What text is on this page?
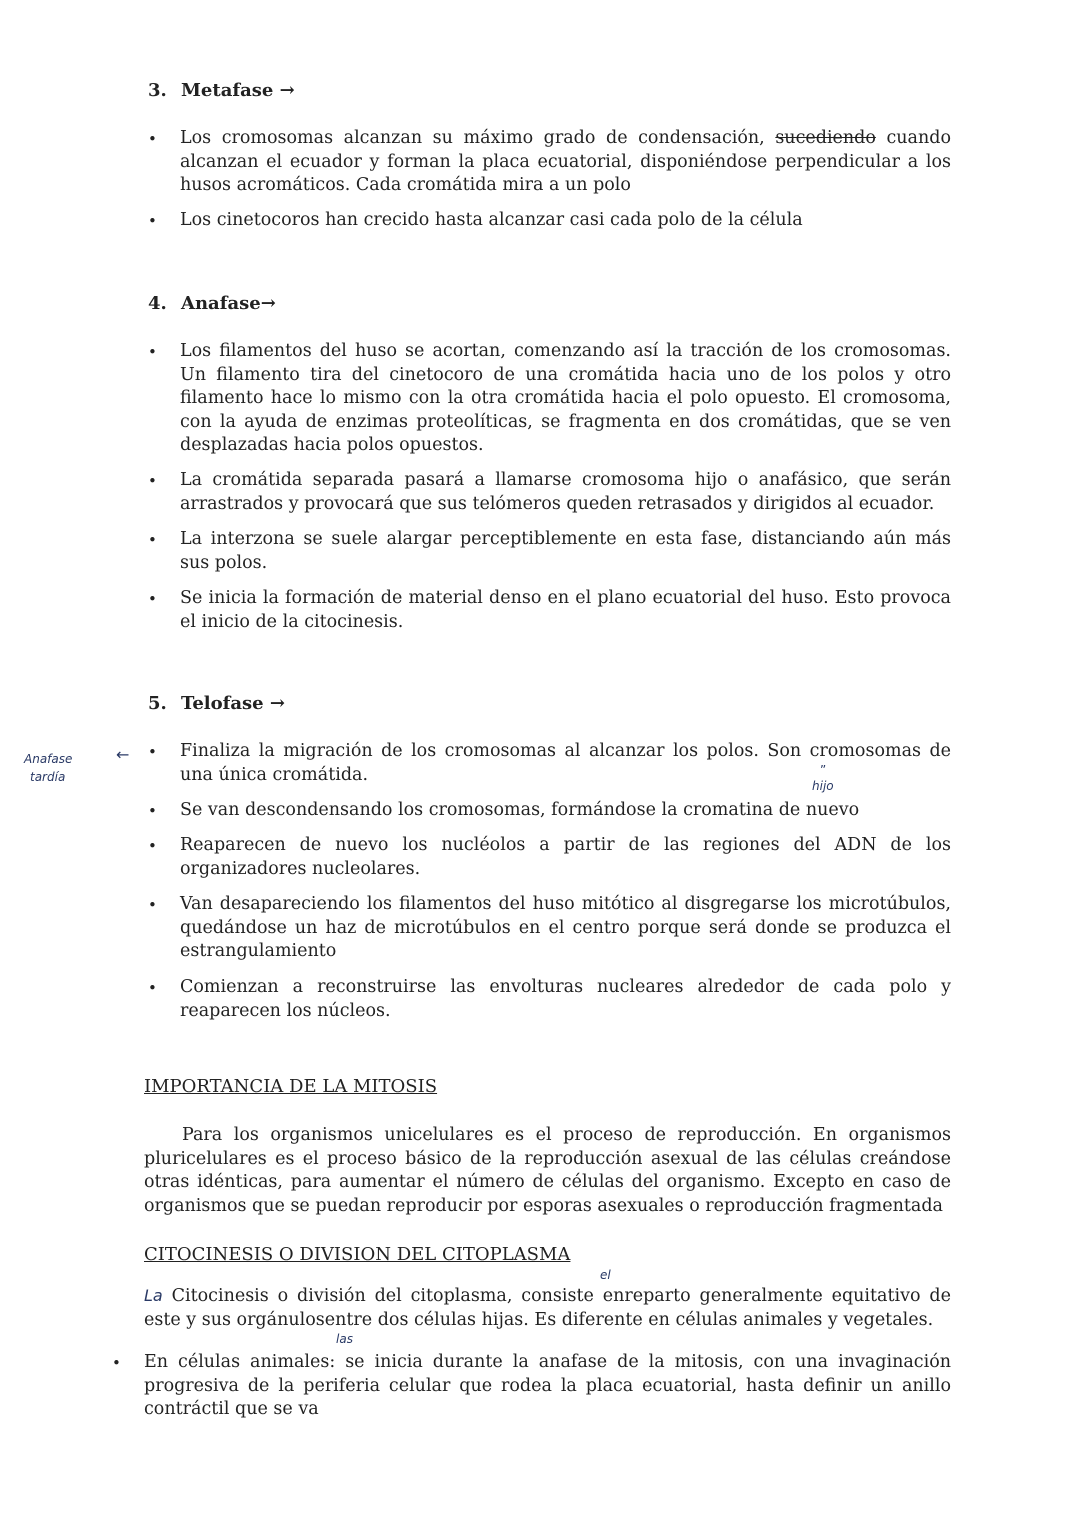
3. Metafase →
• Los cromosomas alcanzan su máximo grado de condensación, sucediendo cuando alcanzan el ecuador y forman la placa ecuatorial, disponiéndose perpendicular a los husos acromáticos. Cada cromátida mira a un polo
• Los cinetocoros han crecido hasta alcanzar casi cada polo de la célula
4. Anafase→
• Los filamentos del huso se acortan, comenzando así la tracción de los cromosomas. Un filamento tira del cinetocoro de una cromátida hacia uno de los polos y otro filamento hace lo mismo con la otra cromátida hacia el polo opuesto. El cromosoma, con la ayuda de enzimas proteolíticas, se fragmenta en dos cromátidas, que se ven desplazadas hacia polos opuestos.
• La cromátida separada pasará a llamarse cromosoma hijo o anafásico, que serán arrastrados y provocará que sus telómeros queden retrasados y dirigidos al ecuador.
• La interzona se suele alargar perceptiblemente en esta fase, distanciando aún más sus polos.
• Se inicia la formación de material denso en el plano ecuatorial del huso. Esto provoca el inicio de la citocinesis.
5. Telofase →
Anafase
tardía
← • Finaliza la migración de los cromosomas al alcanzar los polos. Son cromosomas de una única cromátida.	”
hijo
• Se van descondensando los cromosomas, formándose la cromatina de nuevo
• Reaparecen de nuevo los nucléolos a partir de las regiones del ADN de los organizadores nucleolares.
• Van desapareciendo los filamentos del huso mitótico al disgregarse los microtúbulos, quedándose un haz de microtúbulos en el centro porque será donde se produzca el estrangulamiento
• Comienzan a reconstruirse las envolturas nucleares alrededor de cada polo y reaparecen los núcleos.
IMPORTANCIA DE LA MITOSIS
Para los organismos unicelulares es el proceso de reproducción. En organismos pluricelulares es el proceso básico de la reproducción asexual de las células creándose otras idénticas, para aumentar el número de células del organismo. Excepto en caso de organismos que se puedan reproducir por esporas asexuales o reproducción fragmentada
CITOCINESIS O DIVISION DEL CITOPLASMA
el
La Citocinesis o división del citoplasma, consiste enreparto generalmente equitativo de este y sus orgánulosentre dos células hijas. Es diferente en células animales y vegetales.
las
• En células animales: se inicia durante la anafase de la mitosis, con una invaginación progresiva de la periferia celular que rodea la placa ecuatorial, hasta definir un anillo contráctil que se va
